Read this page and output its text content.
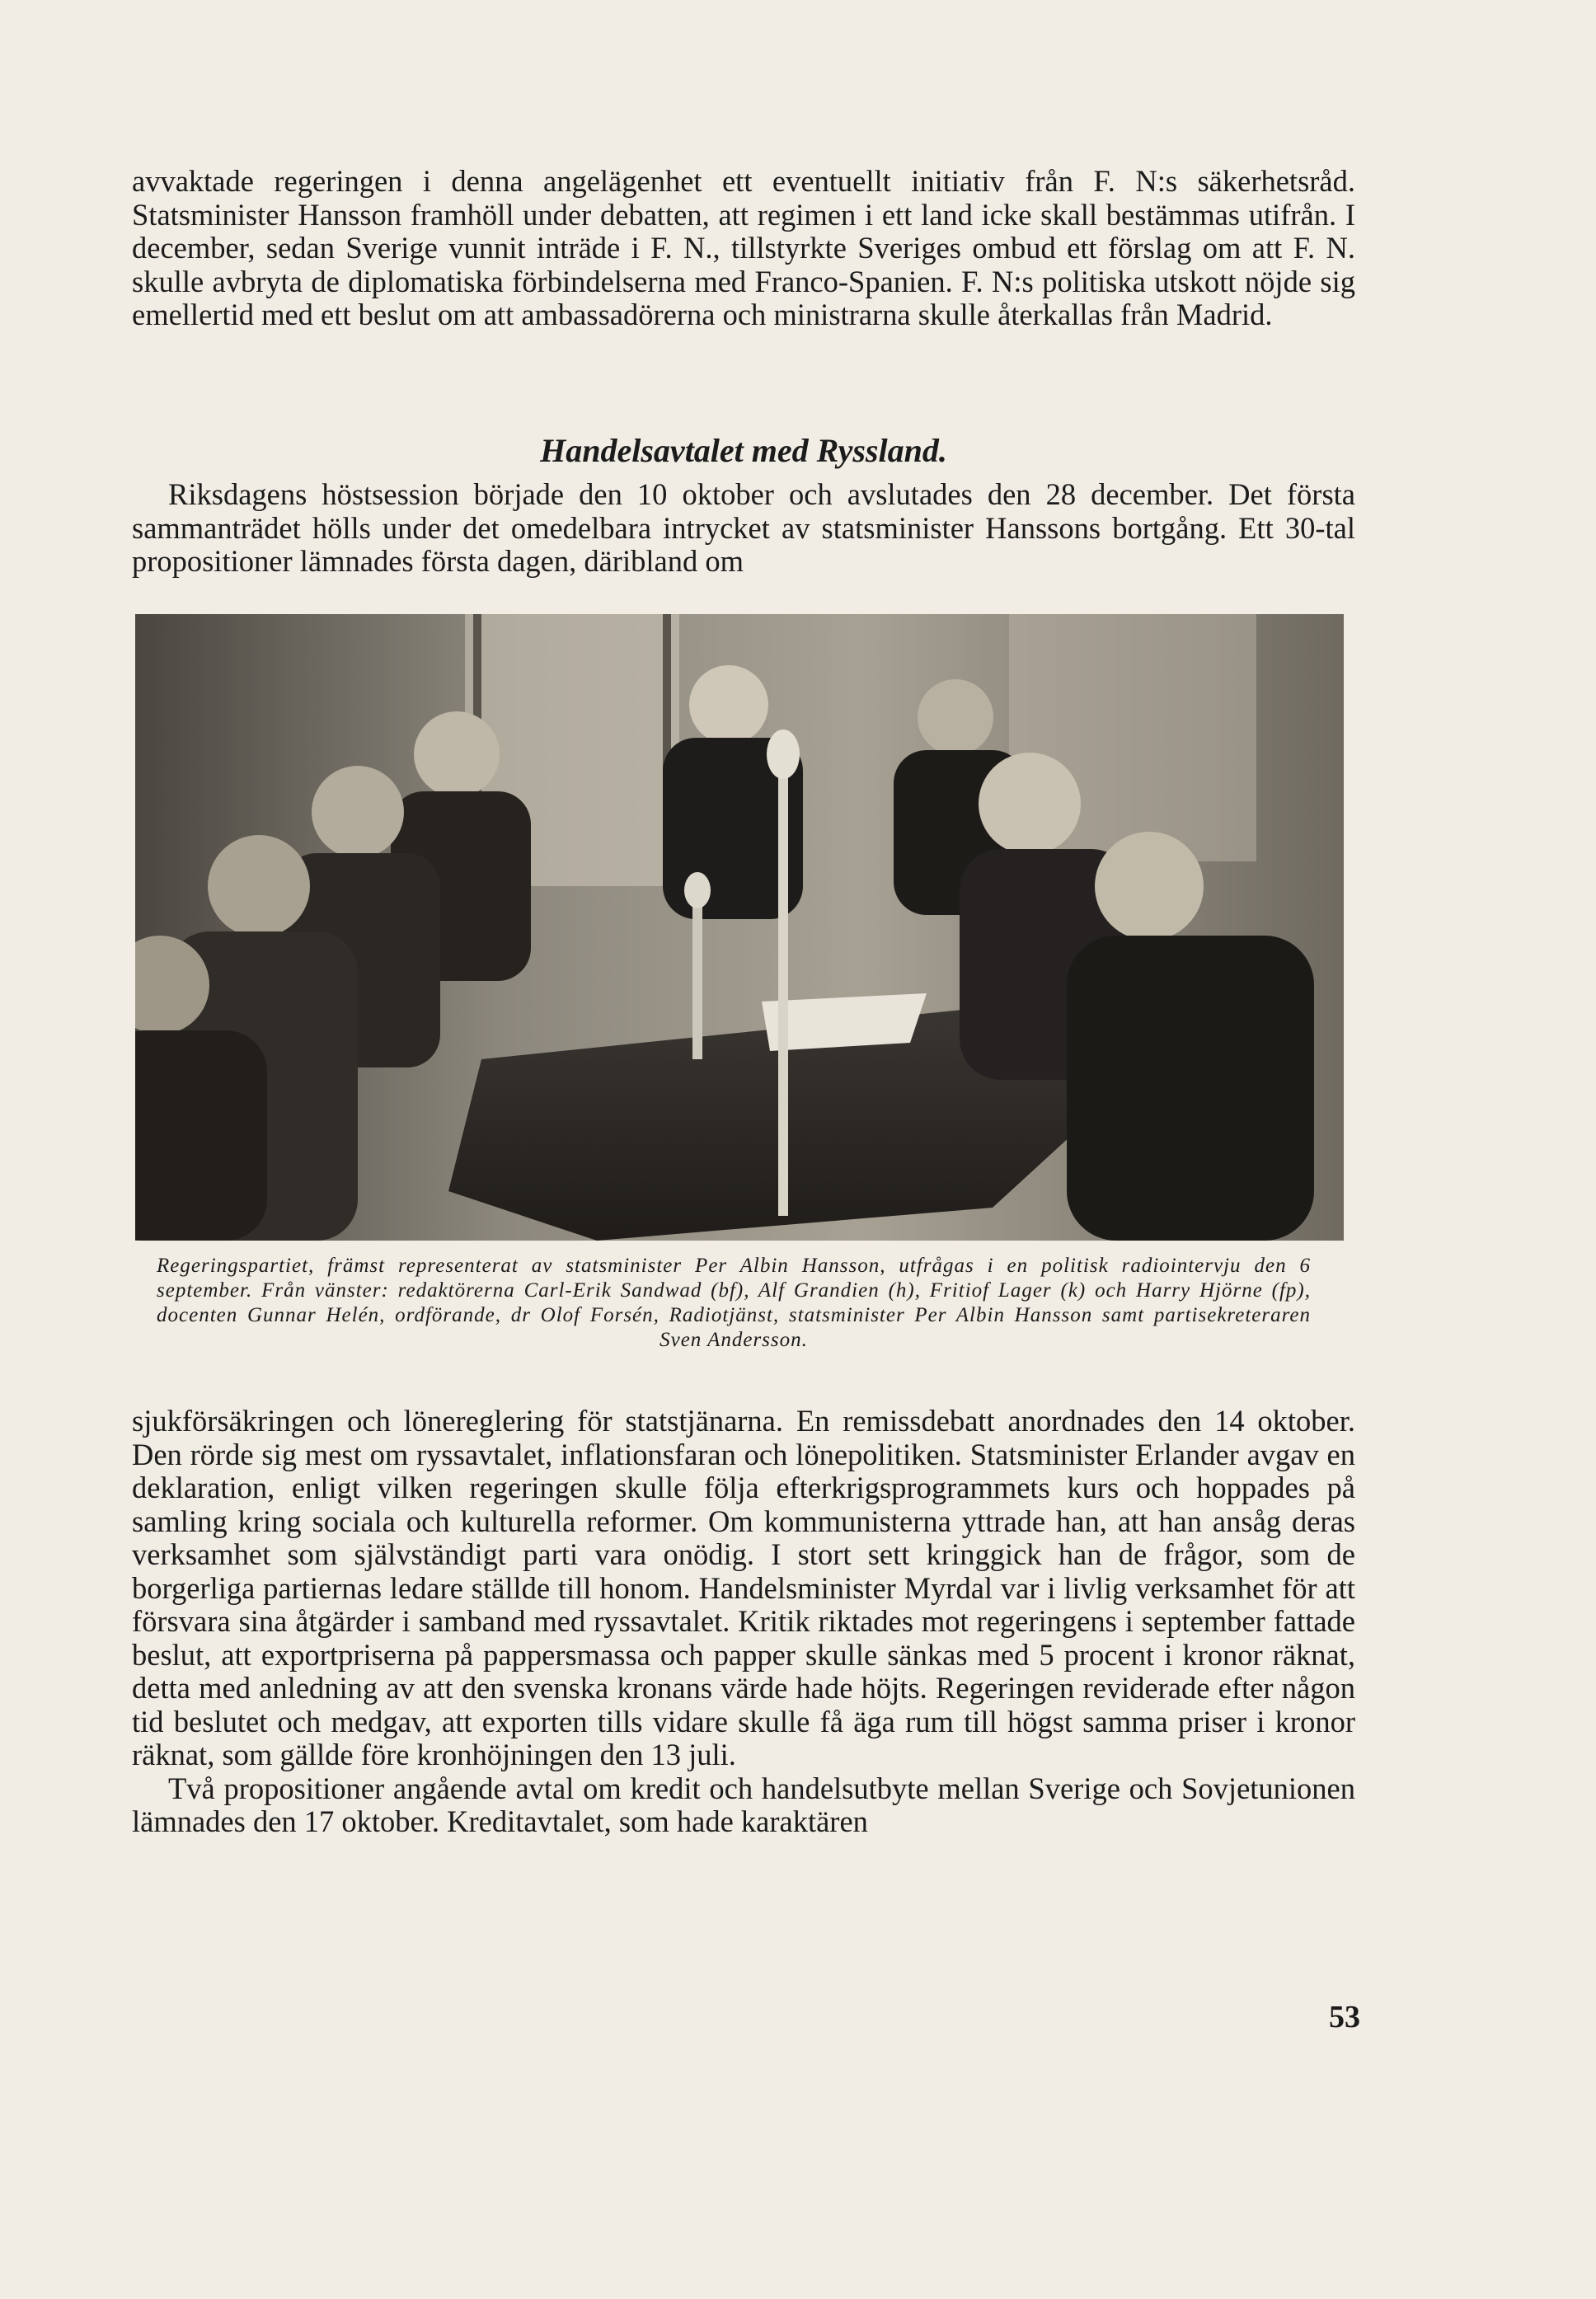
avvaktade regeringen i denna angelägenhet ett eventuellt initiativ från F. N:s säkerhetsråd. Statsminister Hansson framhöll under debatten, att regimen i ett land icke skall bestämmas utifrån. I december, sedan Sverige vunnit inträde i F. N., tillstyrkte Sveriges ombud ett förslag om att F. N. skulle avbryta de diplomatiska förbindelserna med Franco-Spanien. F. N:s politiska utskott nöjde sig emellertid med ett beslut om att ambassadörerna och ministrarna skulle återkallas från Madrid.

Handelsavtalet med Ryssland.

Riksdagens höstsession började den 10 oktober och avslutades den 28 december. Det första sammanträdet hölls under det omedelbara intrycket av statsminister Hanssons bortgång. Ett 30-tal propositioner lämnades första dagen, däribland om

Regeringspartiet, främst representerat av statsminister Per Albin Hansson, utfrågas i en politisk radiointervju den 6 september. Från vänster: redaktörerna Carl-Erik Sandwad (bf), Alf Grandien (h), Fritiof Lager (k) och Harry Hjörne (fp), docenten Gunnar Helén, ordförande, dr Olof Forsén, Radiotjänst, statsminister Per Albin Hansson samt partisekreteraren Sven Andersson.

sjukförsäkringen och lönereglering för statstjänarna. En remissdebatt anordnades den 14 oktober. Den rörde sig mest om ryssavtalet, inflationsfaran och lönepolitiken. Statsminister Erlander avgav en deklaration, enligt vilken regeringen skulle följa efterkrigsprogrammets kurs och hoppades på samling kring sociala och kulturella reformer. Om kommunisterna yttrade han, att han ansåg deras verksamhet som självständigt parti vara onödig. I stort sett kringgick han de frågor, som de borgerliga partiernas ledare ställde till honom. Handelsminister Myrdal var i livlig verksamhet för att försvara sina åtgärder i samband med ryssavtalet. Kritik riktades mot regeringens i september fattade beslut, att exportpriserna på pappersmassa och papper skulle sänkas med 5 procent i kronor räknat, detta med anledning av att den svenska kronans värde hade höjts. Regeringen reviderade efter någon tid beslutet och medgav, att exporten tills vidare skulle få äga rum till högst samma priser i kronor räknat, som gällde före kronhöjningen den 13 juli.

Två propositioner angående avtal om kredit och handelsutbyte mellan Sverige och Sovjetunionen lämnades den 17 oktober. Kreditavtalet, som hade karaktären

53
